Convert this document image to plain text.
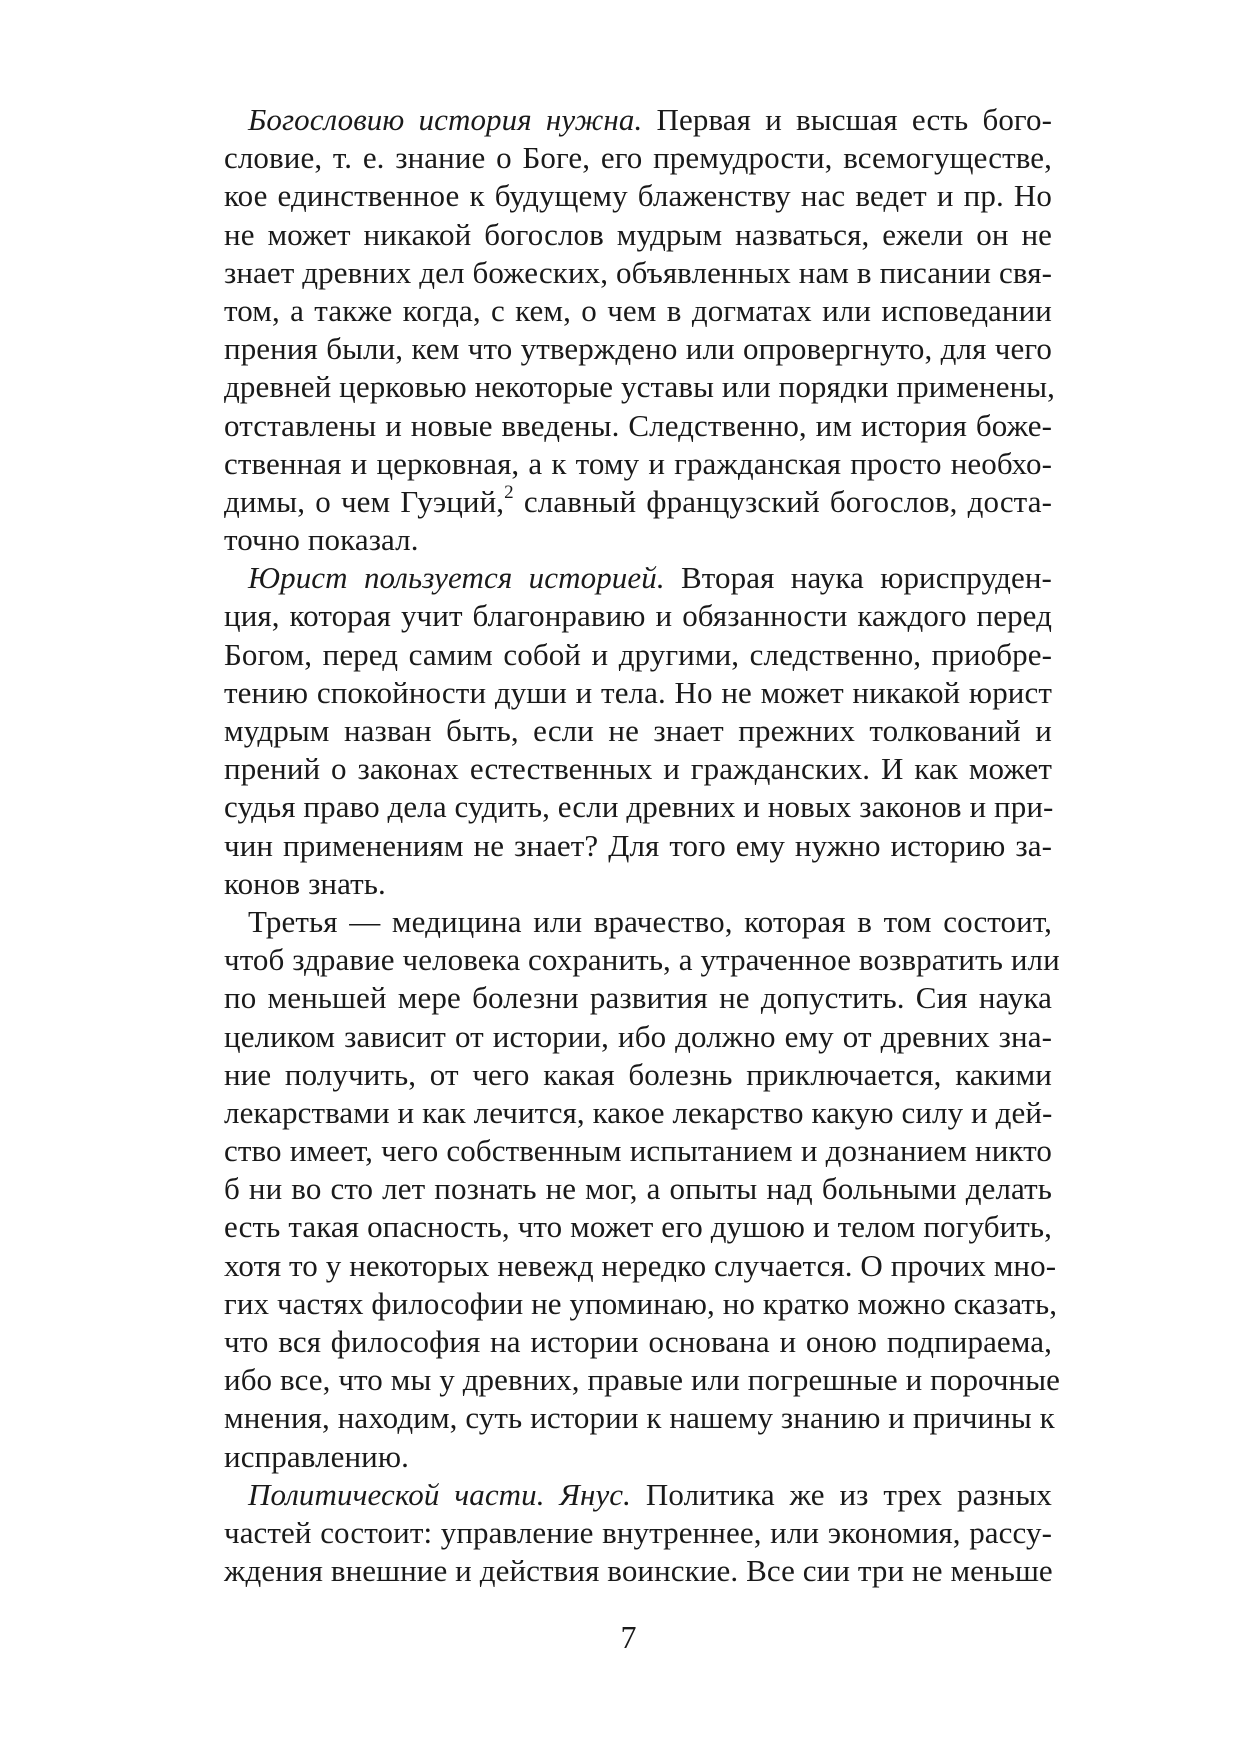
Богословию история нужна. Первая и высшая есть бого-
словие, т. е. знание о Боге, его премудрости, всемогуществе,
кое единственное к будущему блаженству нас ведет и пр. Но
не может никакой богослов мудрым назваться, ежели он не
знает древних дел божеских, объявленных нам в писании свя-
том, а также когда, с кем, о чем в догматах или исповедании
прения были, кем что утверждено или опровергнуто, для чего
древней церковью некоторые уставы или порядки применены,
отставлены и новые введены. Следственно, им история боже-
ственная и церковная, а к тому и гражданская просто необхо-
димы, о чем Гуэций,$^2$ славный французский богослов, доста-
точно показал.
Юрист пользуется историей. Вторая наука юриспруден-
ция, которая учит благонравию и обязанности каждого перед
Богом, перед самим собой и другими, следственно, приобре-
тению спокойности души и тела. Но не может никакой юрист
мудрым назван быть, если не знает прежних толкований и
прений о законах естественных и гражданских. И как может
судья право дела судить, если древних и новых законов и при-
чин применениям не знает? Для того ему нужно историю за-
конов знать.
Третья — медицина или врачество, которая в том состоит,
чтоб здравие человека сохранить, а утраченное возвратить или
по меньшей мере болезни развития не допустить. Сия наука
целиком зависит от истории, ибо должно ему от древних зна-
ние получить, от чего какая болезнь приключается, какими
лекарствами и как лечится, какое лекарство какую силу и дей-
ство имеет, чего собственным испытанием и дознанием никто
б ни во сто лет познать не мог, а опыты над больными делать
есть такая опасность, что может его душою и телом погубить,
хотя то у некоторых невежд нередко случается. О прочих мно-
гих частях философии не упоминаю, но кратко можно сказать,
что вся философия на истории основана и оною подпираема,
ибо все, что мы у древних, правые или погрешные и порочные
мнения, находим, суть истории к нашему знанию и причины к
исправлению.
Политической части. Янус. Политика же из трех разных
частей состоит: управление внутреннее, или экономия, рассу-
ждения внешние и действия воинские. Все сии три не меньше
7
